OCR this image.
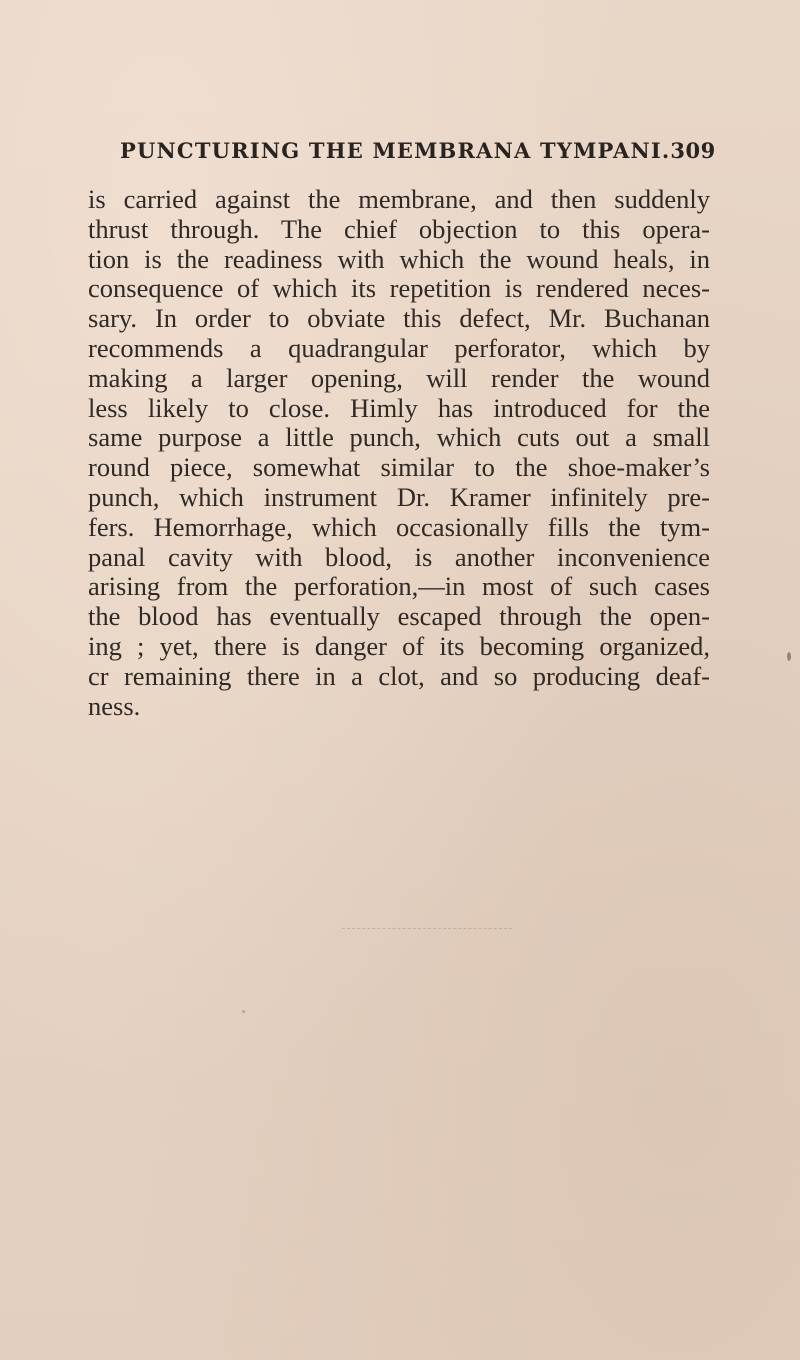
PUNCTURING THE MEMBRANA TYMPANI. 309
is carried against the membrane, and then suddenly
thrust through. The chief objection to this opera-
tion is the readiness with which the wound heals, in
consequence of which its repetition is rendered neces-
sary. In order to obviate this defect, Mr. Buchanan
recommends a quadrangular perforator, which by
making a larger opening, will render the wound
less likely to close. Himly has introduced for the
same purpose a little punch, which cuts out a small
round piece, somewhat similar to the shoe-maker’s
punch, which instrument Dr. Kramer infinitely pre-
fers. Hemorrhage, which occasionally fills the tym-
panal cavity with blood, is another inconvenience
arising from the perforation,—in most of such cases
the blood has eventually escaped through the open-
ing ; yet, there is danger of its becoming organized,
cr remaining there in a clot, and so producing deaf-
ness.
